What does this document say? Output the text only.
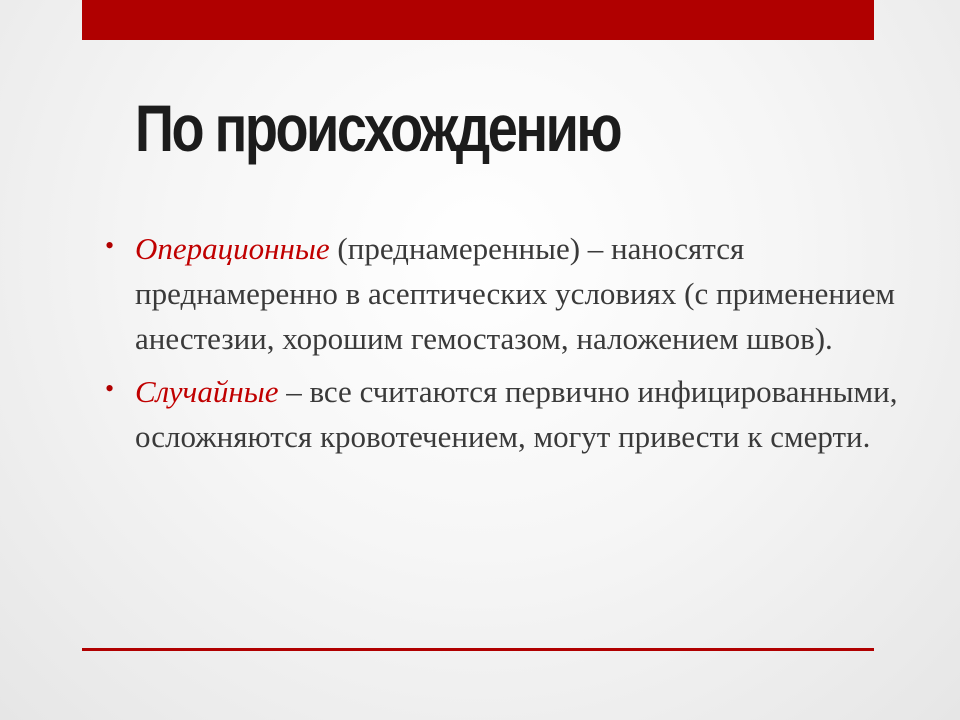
По происхождению
• Операционные (преднамеренные) – наносятся преднамеренно в асептических условиях (с применением анестезии, хорошим гемостазом, наложением швов).
• Случайные – все считаются первично инфицированными, осложняются кровотечением, могут привести к смерти.
